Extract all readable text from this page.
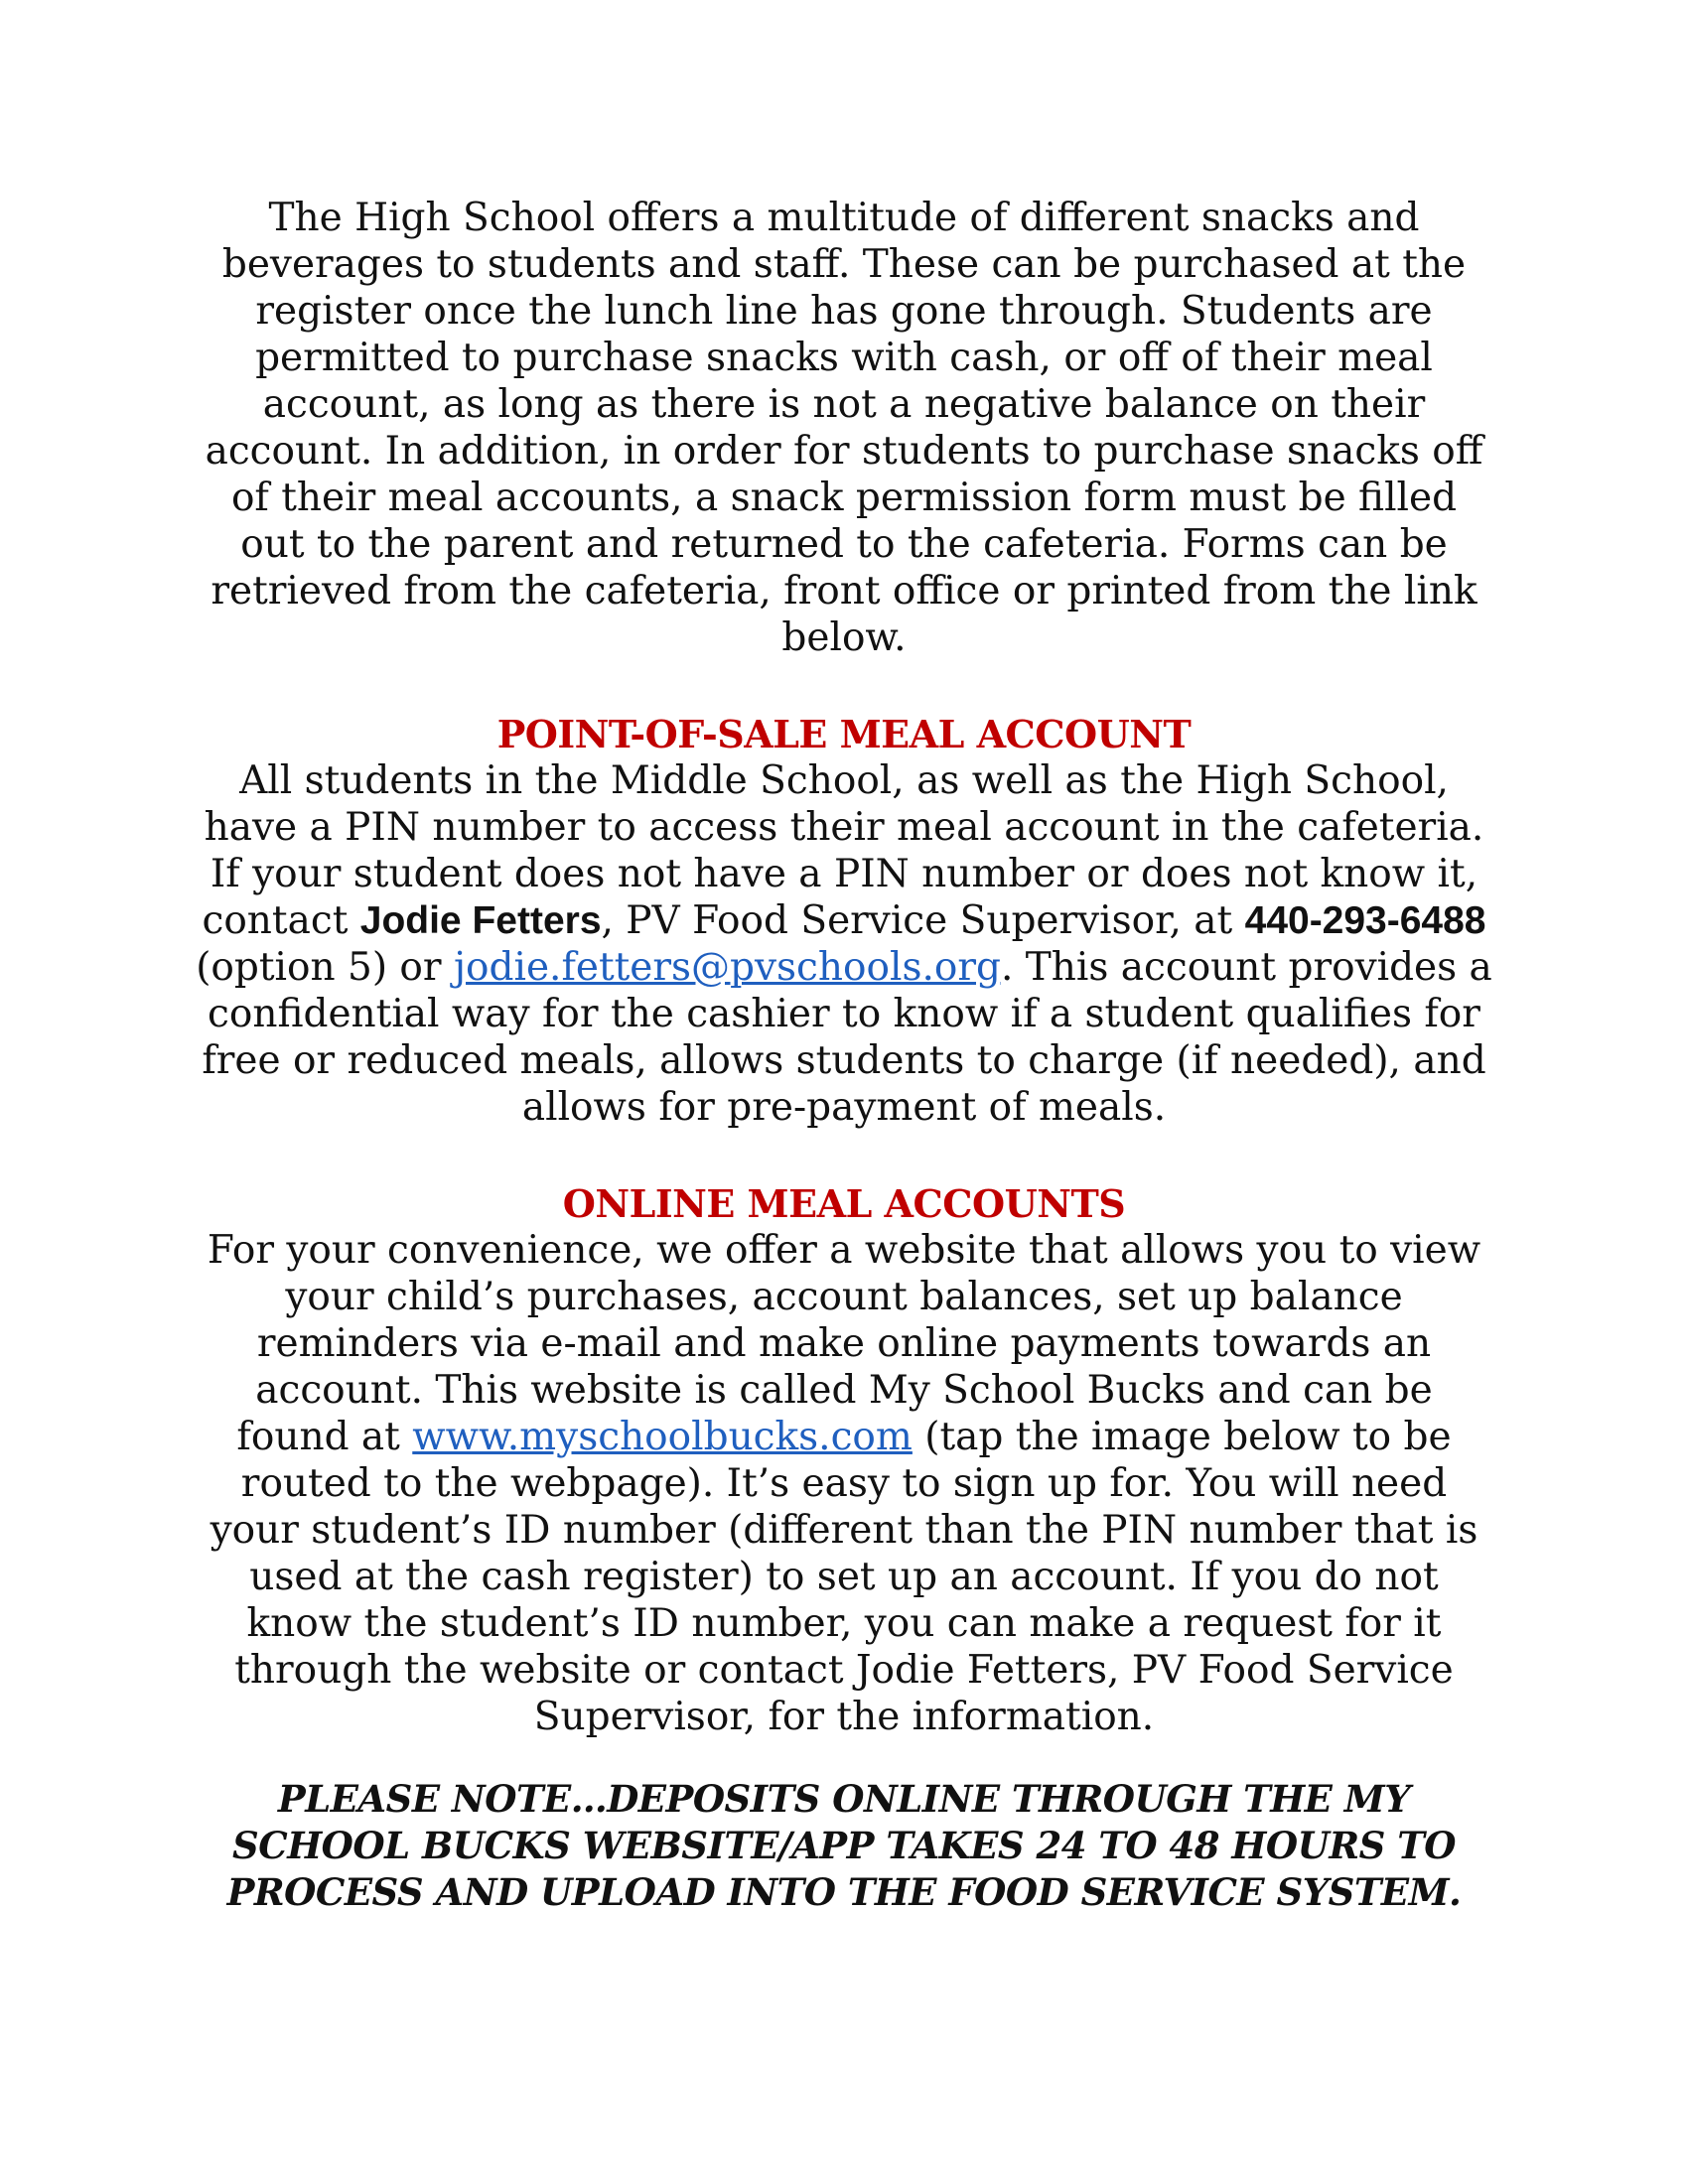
The High School offers a multitude of different snacks and beverages to students and staff. These can be purchased at the register once the lunch line has gone through. Students are permitted to purchase snacks with cash, or off of their meal account, as long as there is not a negative balance on their account. In addition, in order for students to purchase snacks off of their meal accounts, a snack permission form must be filled out to the parent and returned to the cafeteria. Forms can be retrieved from the cafeteria, front office or printed from the link below.

POINT-OF-SALE MEAL ACCOUNT

All students in the Middle School, as well as the High School, have a PIN number to access their meal account in the cafeteria. If your student does not have a PIN number or does not know it, contact Jodie Fetters, PV Food Service Supervisor, at 440-293-6488 (option 5) or jodie.fetters@pvschools.org. This account provides a confidential way for the cashier to know if a student qualifies for free or reduced meals, allows students to charge (if needed), and allows for pre-payment of meals.

ONLINE MEAL ACCOUNTS

For your convenience, we offer a website that allows you to view your child’s purchases, account balances, set up balance reminders via e-mail and make online payments towards an account. This website is called My School Bucks and can be found at www.myschoolbucks.com (tap the image below to be routed to the webpage). It’s easy to sign up for. You will need your student’s ID number (different than the PIN number that is used at the cash register) to set up an account. If you do not know the student’s ID number, you can make a request for it through the website or contact Jodie Fetters, PV Food Service Supervisor, for the information.

PLEASE NOTE…DEPOSITS ONLINE THROUGH THE MY SCHOOL BUCKS WEBSITE/APP TAKES 24 TO 48 HOURS TO PROCESS AND UPLOAD INTO THE FOOD SERVICE SYSTEM.
